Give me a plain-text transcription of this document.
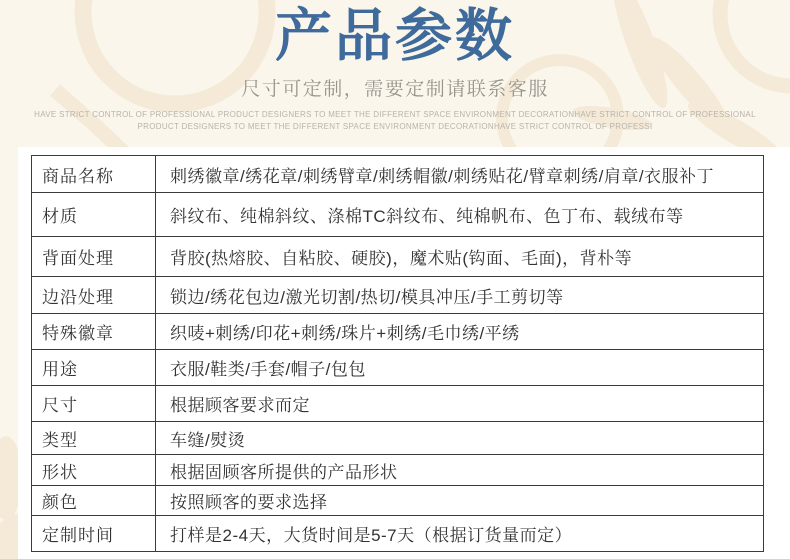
产品参数
尺寸可定制，需要定制请联系客服
HAVE STRICT CONTROL OF PROFESSIONAL PRODUCT DESIGNERS TO MEET THE DIFFERENT SPACE ENVIRONMENT DECORATIONHAVE STRICT CONTROL OF PROFESSIONAL
PRODUCT DESIGNERS TO MEET THE DIFFERENT SPACE ENVIRONMENT DECORATIONHAVE STRICT CONTROL OF PROFESSI
商品名称	刺绣徽章/绣花章/刺绣臂章/刺绣帽徽/刺绣贴花/臂章刺绣/肩章/衣服补丁
材质	斜纹布、纯棉斜纹、涤棉TC斜纹布、纯棉帆布、色丁布、载绒布等
背面处理	背胶(热熔胶、自粘胶、硬胶)，魔术贴(钩面、毛面)，背朴等
边沿处理	锁边/绣花包边/激光切割/热切/模具冲压/手工剪切等
特殊徽章	织唛+刺绣/印花+刺绣/珠片+刺绣/毛巾绣/平绣
用途	衣服/鞋类/手套/帽子/包包
尺寸	根据顾客要求而定
类型	车缝/熨烫
形状	根据固顾客所提供的产品形状
颜色	按照顾客的要求选择
定制时间	打样是2-4天，大货时间是5-7天（根据订货量而定）
